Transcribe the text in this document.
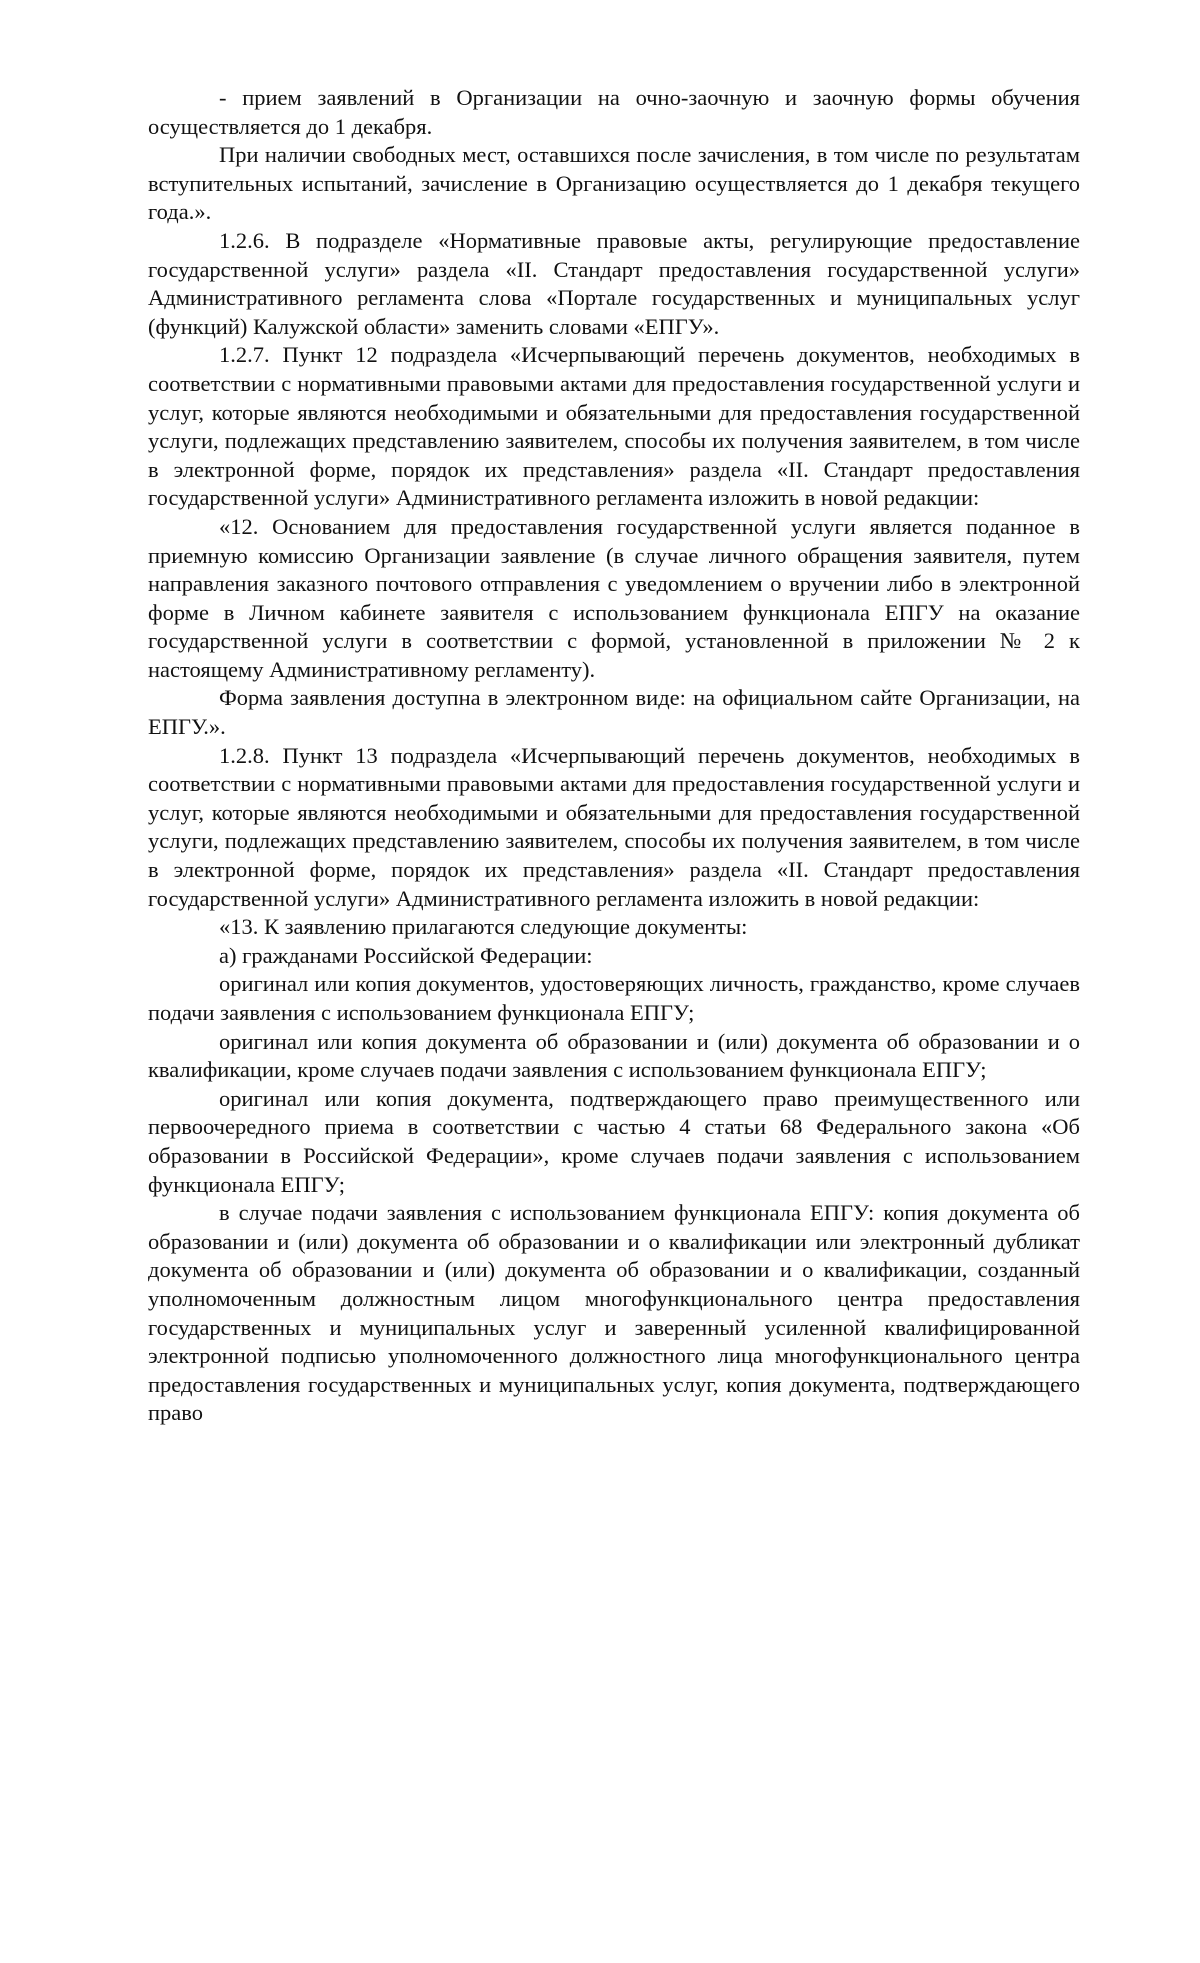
- прием заявлений в Организации на очно-заочную и заочную формы обучения осуществляется до 1 декабря.

При наличии свободных мест, оставшихся после зачисления, в том числе по результатам вступительных испытаний, зачисление в Организацию осуществляется до 1 декабря текущего года.».

1.2.6. В подразделе «Нормативные правовые акты, регулирующие предоставление государственной услуги» раздела «II. Стандарт предоставления государственной услуги» Административного регламента слова «Портале государственных и муниципальных услуг (функций) Калужской области» заменить словами «ЕПГУ».

1.2.7. Пункт 12 подраздела «Исчерпывающий перечень документов, необходимых в соответствии с нормативными правовыми актами для предоставления государственной услуги и услуг, которые являются необходимыми и обязательными для предоставления государственной услуги, подлежащих представлению заявителем, способы их получения заявителем, в том числе в электронной форме, порядок их представления» раздела «II. Стандарт предоставления государственной услуги» Административного регламента изложить в новой редакции:

«12. Основанием для предоставления государственной услуги является поданное в приемную комиссию Организации заявление (в случае личного обращения заявителя, путем направления заказного почтового отправления с уведомлением о вручении либо в электронной форме в Личном кабинете заявителя с использованием функционала ЕПГУ на оказание государственной услуги в соответствии с формой, установленной в приложении № 2 к настоящему Административному регламенту).

Форма заявления доступна в электронном виде: на официальном сайте Организации, на ЕПГУ.».

1.2.8. Пункт 13 подраздела «Исчерпывающий перечень документов, необходимых в соответствии с нормативными правовыми актами для предоставления государственной услуги и услуг, которые являются необходимыми и обязательными для предоставления государственной услуги, подлежащих представлению заявителем, способы их получения заявителем, в том числе в электронной форме, порядок их представления» раздела «II. Стандарт предоставления государственной услуги» Административного регламента изложить в новой редакции:

«13. К заявлению прилагаются следующие документы:

а) гражданами Российской Федерации:

оригинал или копия документов, удостоверяющих личность, гражданство, кроме случаев подачи заявления с использованием функционала ЕПГУ;

оригинал или копия документа об образовании и (или) документа об образовании и о квалификации, кроме случаев подачи заявления с использованием функционала ЕПГУ;

оригинал или копия документа, подтверждающего право преимущественного или первоочередного приема в соответствии с частью 4 статьи 68 Федерального закона «Об образовании в Российской Федерации», кроме случаев подачи заявления с использованием функционала ЕПГУ;

в случае подачи заявления с использованием функционала ЕПГУ: копия документа об образовании и (или) документа об образовании и о квалификации или электронный дубликат документа об образовании и (или) документа об образовании и о квалификации, созданный уполномоченным должностным лицом многофункционального центра предоставления государственных и муниципальных услуг и заверенный усиленной квалифицированной электронной подписью уполномоченного должностного лица многофункционального центра предоставления государственных и муниципальных услуг, копия документа, подтверждающего право
